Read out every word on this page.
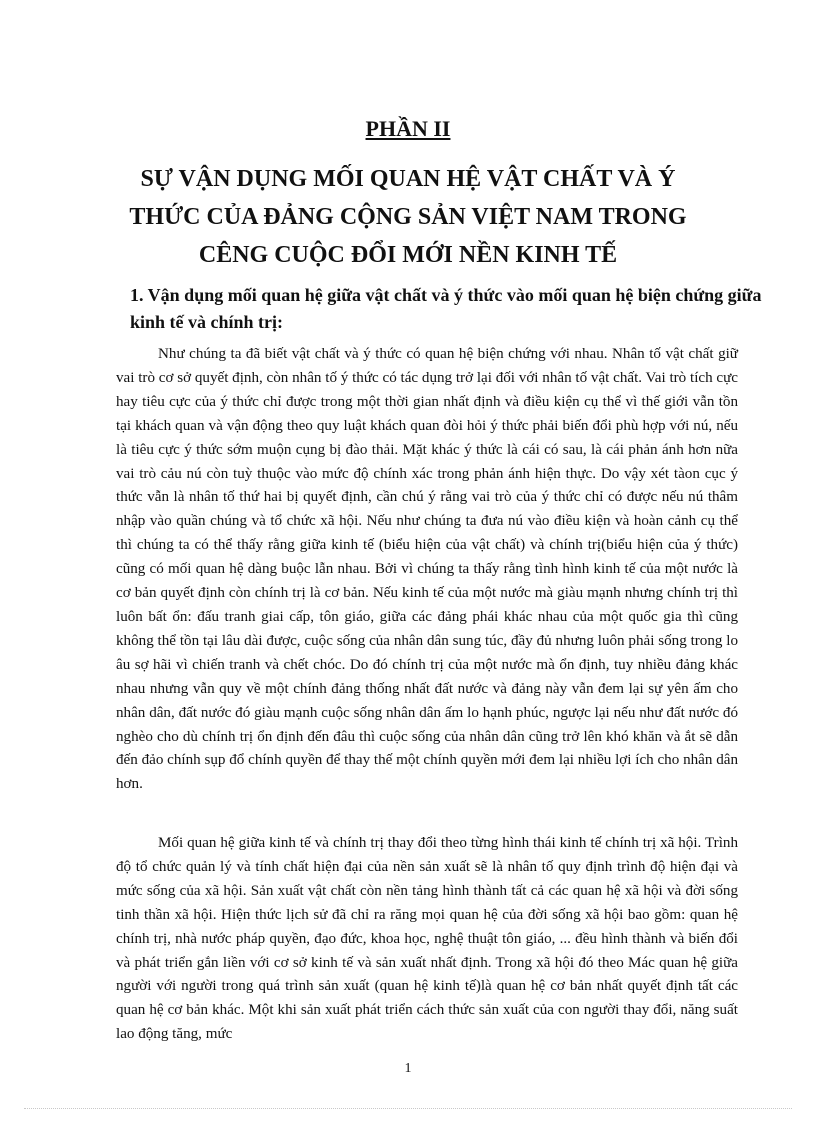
PHẦN II
SỰ VẬN DỤNG MỐI QUAN HỆ VẬT CHẤT VÀ Ý
THỨC CỦA ĐẢNG CỘNG SẢN VIỆT NAM TRONG
CÊNG CUỘC ĐỔI MỚI NỀN KINH TẾ
1. Vận dụng mối quan hệ giữa vật chất và ý thức vào mối quan hệ biện chứng giữa kinh tế và chính trị:

Như chúng ta đã biết vật chất và ý thức có quan hệ biện chứng với nhau. Nhân tố vật chất giữ vai trò cơ sở quyết định, còn nhân tố ý thức có tác dụng trở lại đối với nhân tố vật chất. Vai trò tích cực hay tiêu cực của ý thức chỉ được trong một thời gian nhất định và điều kiện cụ thể vì thế giới vẫn tồn tại khách quan và vận động theo quy luật khách quan đòi hỏi ý thức phải biến đổi phù hợp với nú, nếu là tiêu cực ý thức sớm muộn cụng bị đào thải. Mặt khác ý thức là cái có sau, là cái phản ánh hơn nữa vai trò cảu nú còn tuỳ thuộc vào mức độ chính xác trong phản ánh hiện thực. Do vậy xét tàon cục ý thức vẫn là nhân tố thứ hai bị quyết định, cần chú ý rằng vai trò của ý thức chỉ có được nếu nú thâm nhập vào quần chúng và tổ chức xã hội. Nếu như chúng ta đưa nú vào điều kiện và hoàn cảnh cụ thể thì chúng ta có thể thấy rằng giữa kinh tế (biểu hiện của vật chất) và chính trị(biểu hiện của ý thức) cũng có mối quan hệ dàng buộc lẫn nhau. Bởi vì chúng ta thấy rằng tình hình kinh tế của một nước là cơ bản quyết định còn chính trị là cơ bản. Nếu kinh tế của một nước mà giàu mạnh nhưng chính trị thì luôn bất ổn: đấu tranh giai cấp, tôn giáo, giữa các đảng phái khác nhau của một quốc gia thì cũng không thể tồn tại lâu dài được, cuộc sống của nhân dân sung túc, đầy đủ nhưng luôn phải sống trong lo âu sợ hãi vì chiến tranh và chết chóc. Do đó chính trị của một nước mà ổn định, tuy nhiều đảng khác nhau nhưng vẫn quy về một chính đảng thống nhất đất nước và đảng này vẫn đem lại sự yên ấm cho nhân dân, đất nước đó giàu mạnh cuộc sống nhân dân ấm lo hạnh phúc, ngược lại nếu như đất nước đó nghèo cho dù chính trị ổn định đến đâu thì cuộc sống của nhân dân cũng trở lên khó khăn và ắt sẽ dẫn đến đảo chính sụp đổ chính quyền để thay thế một chính quyền mới đem lại nhiều lợi ích cho nhân dân hơn.

Mối quan hệ giữa kinh tế và chính trị thay đổi theo từng hình thái kinh tế chính trị xã hội. Trình độ tổ chức quản lý và tính chất hiện đại của nền sản xuất sẽ là nhân tố quy định trình độ hiện đại và mức sống của xã hội. Sản xuất vật chất còn nền tảng hình thành tất cả các quan hệ xã hội và đời sống tinh thần xã hội. Hiện thức lịch sử đã chỉ ra răng mọi quan hệ của đời sống xã hội bao gồm: quan hệ chính trị, nhà nước pháp quyền, đạo đức, khoa học, nghệ thuật tôn giáo, ... đều hình thành và biến đổi và phát triển gắn liền với cơ sở kinh tế và sản xuất nhất định. Trong xã hội đó theo Mác quan hệ giữa người với người trong quá trình sản xuất (quan hệ kinh tế)là quan hệ cơ bản nhất quyết định tất các quan hệ cơ bản khác. Một khi sản xuất phát triển cách thức sản xuất của con người thay đổi, năng suất lao động tăng, mức

1
